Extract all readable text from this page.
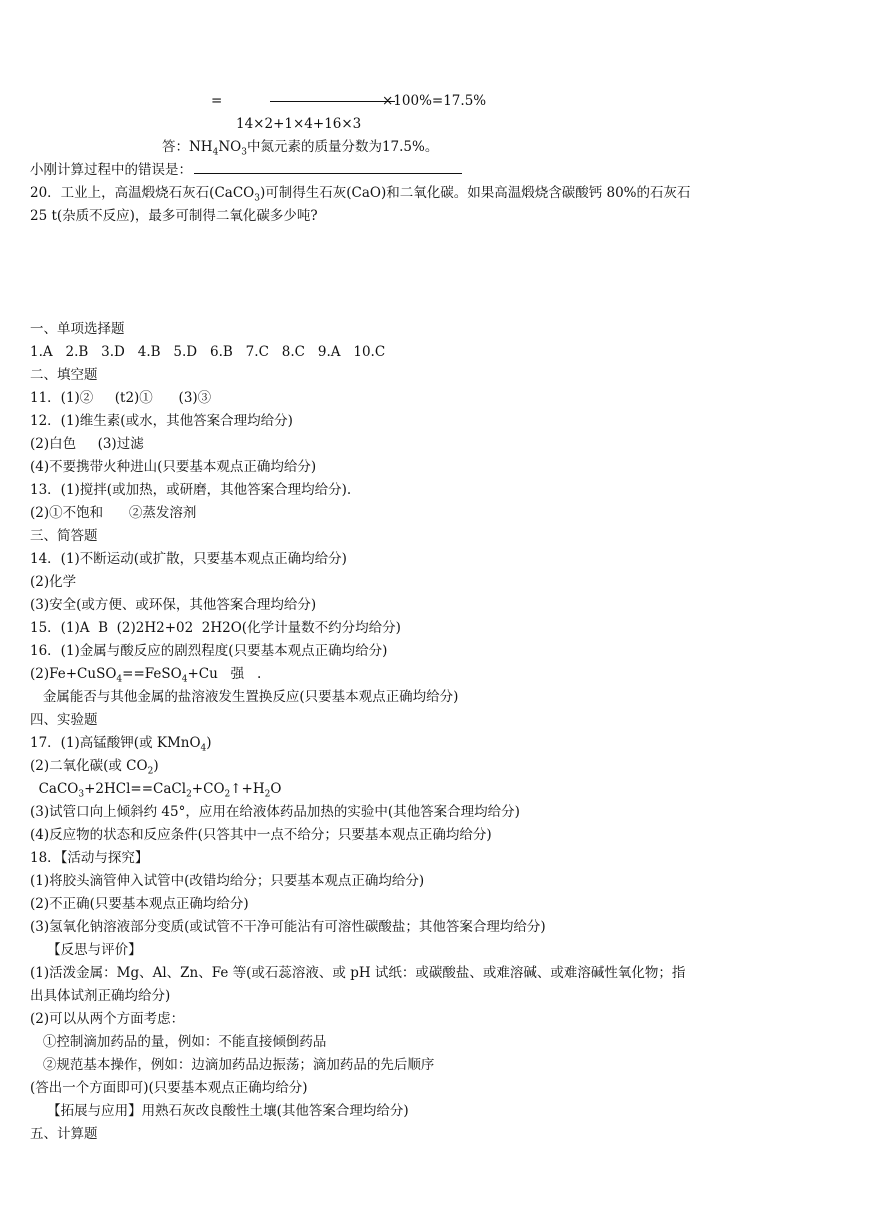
=	×100%=17.5%
14×2+1×4+16×3
答：$NH_4NO_3$中氮元素的质量分数为17.5%。
小刚计算过程中的错误是：
20．工业上，高温煅烧石灰石(CaCO$_3$)可制得生石灰(CaO)和二氧化碳。如果高温煅烧含碳酸钙 80%的石灰石
25 t(杂质不反应)，最多可制得二氧化碳多少吨?
一、单项选择题
1.A   2.B   3.D   4.B   5.D   6.B   7.C   8.C   9.A   10.C
二、填空题
11．(1)②     (t2)①      (3)③
12．(1)维生素(或水，其他答案合理均给分)
(2)白色     (3)过滤
(4)不要携带火种进山(只要基本观点正确均给分)
13．(1)搅拌(或加热，或研磨，其他答案合理均给分).
(2)①不饱和      ②蒸发溶剂
三、简答题
14．(1)不断运动(或扩散，只要基本观点正确均给分)
(2)化学
(3)安全(或方便、或环保，其他答案合理均给分)
15．(1)A  B  (2)2H2+02  2H2O(化学计量数不约分均给分)
16．(1)金属与酸反应的剧烈程度(只要基本观点正确均给分)
(2)Fe+CuSO$_4$==FeSO$_4$+Cu   强   .
金属能否与其他金属的盐溶液发生置换反应(只要基本观点正确均给分)
四、实验题
17．(1)高锰酸钾(或 KMnO$_4$)
(2)二氧化碳(或 $CO_2$)
$CaCO_3+2HCl==CaCl_2+CO_2↑+H_2O$
(3)试管口向上倾斜约 45°，应用在给液体药品加热的实验中(其他答案合理均给分)
(4)反应物的状态和反应条件(只答其中一点不给分；只要基本观点正确均给分)
18．【活动与探究】
(1)将胶头滴管伸入试管中(改错均给分；只要基本观点正确均给分)
(2)不正确(只要基本观点正确均给分)
(3)氢氧化钠溶液部分变质(或试管不干净可能沾有可溶性碳酸盐；其他答案合理均给分)
【反思与评价】
(1)活泼金属：Mg、Al、Zn、Fe 等(或石蕊溶液、或 pH 试纸：或碳酸盐、或难溶碱、或难溶碱性氧化物；指
出具体试剂正确均给分)
(2)可以从两个方面考虑：
①控制滴加药品的量，例如：不能直接倾倒药品
②规范基本操作，例如：边滴加药品边振荡；滴加药品的先后顺序
(答出一个方面即可)(只要基本观点正确均给分)
【拓展与应用】用熟石灰改良酸性土壤(其他答案合理均给分)
五、计算题
